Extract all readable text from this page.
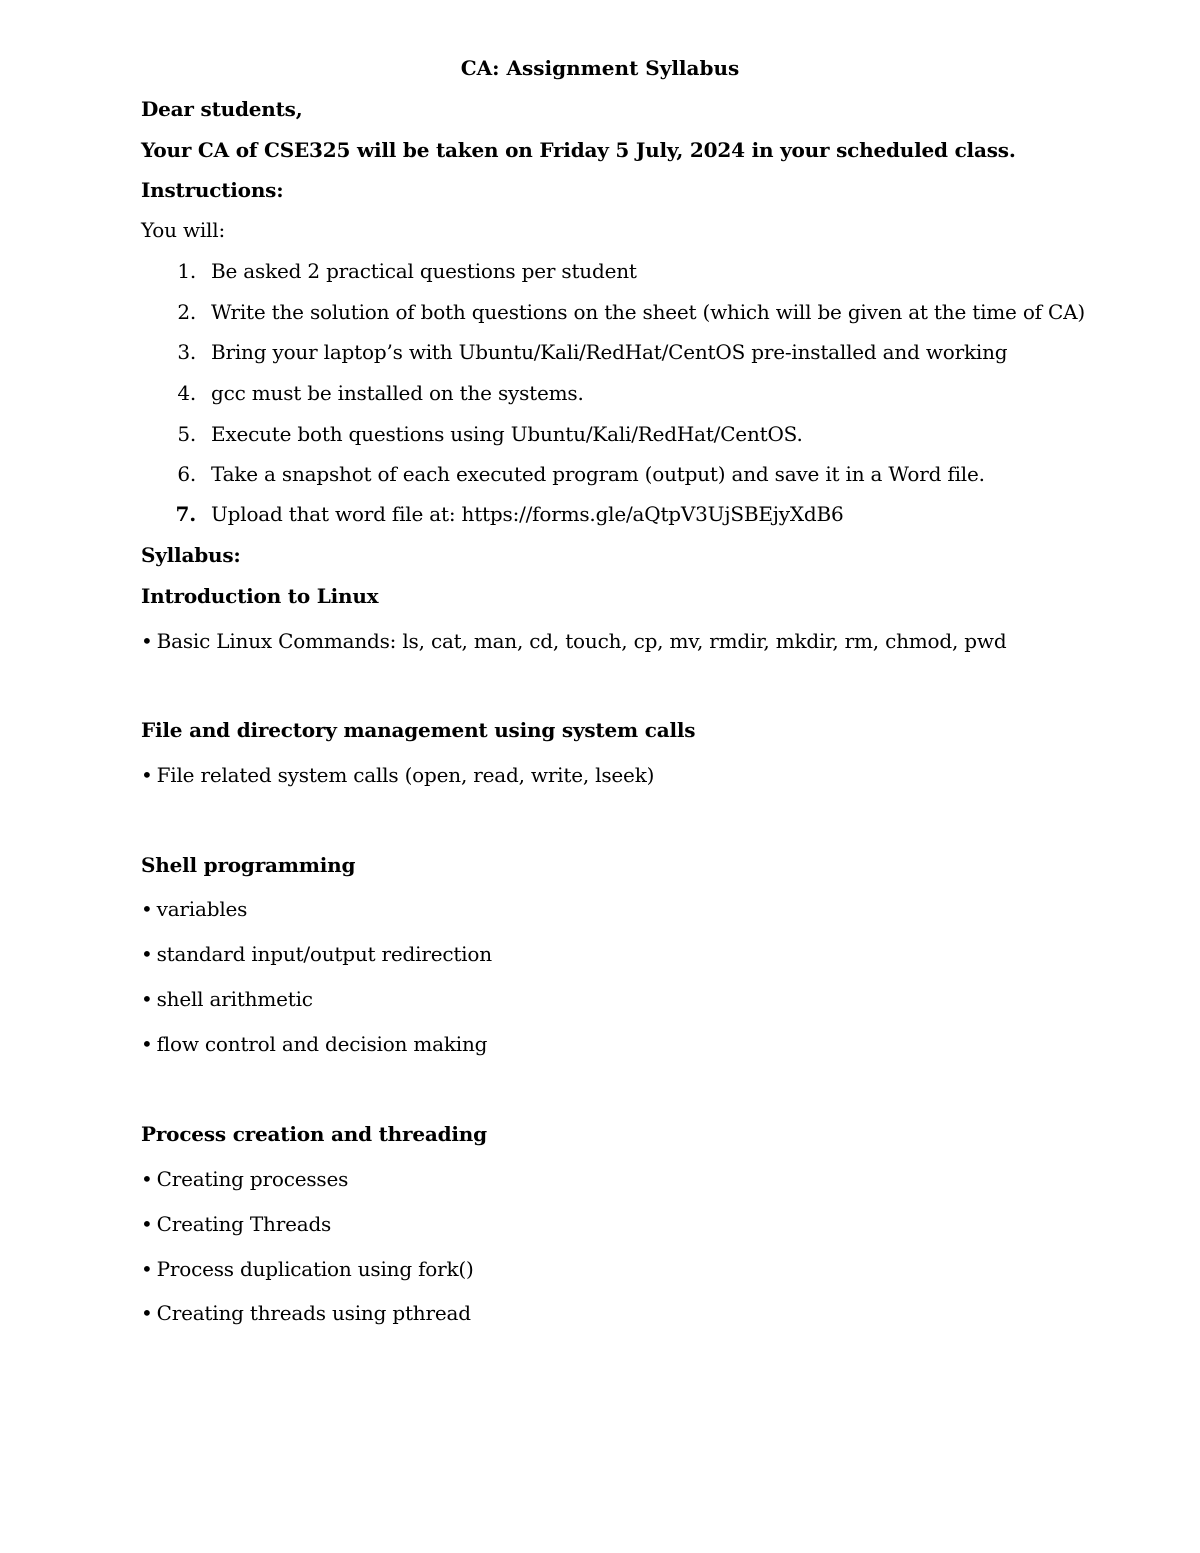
CA: Assignment Syllabus
Dear students,
Your CA of CSE325 will be taken on Friday 5 July, 2024 in your scheduled class.
Instructions:
You will:
1. Be asked 2 practical questions per student
2. Write the solution of both questions on the sheet (which will be given at the time of CA)
3. Bring your laptop’s with Ubuntu/Kali/RedHat/CentOS pre-installed and working
4. gcc must be installed on the systems.
5. Execute both questions using Ubuntu/Kali/RedHat/CentOS.
6. Take a snapshot of each executed program (output) and save it in a Word file.
7. Upload that word file at: https://forms.gle/aQtpV3UjSBEjyXdB6
Syllabus:
Introduction to Linux
• Basic Linux Commands: ls, cat, man, cd, touch, cp, mv, rmdir, mkdir, rm, chmod, pwd
File and directory management using system calls
• File related system calls (open, read, write, lseek)
Shell programming
• variables
• standard input/output redirection
• shell arithmetic
• flow control and decision making
Process creation and threading
• Creating processes
• Creating Threads
• Process duplication using fork()
• Creating threads using pthread
